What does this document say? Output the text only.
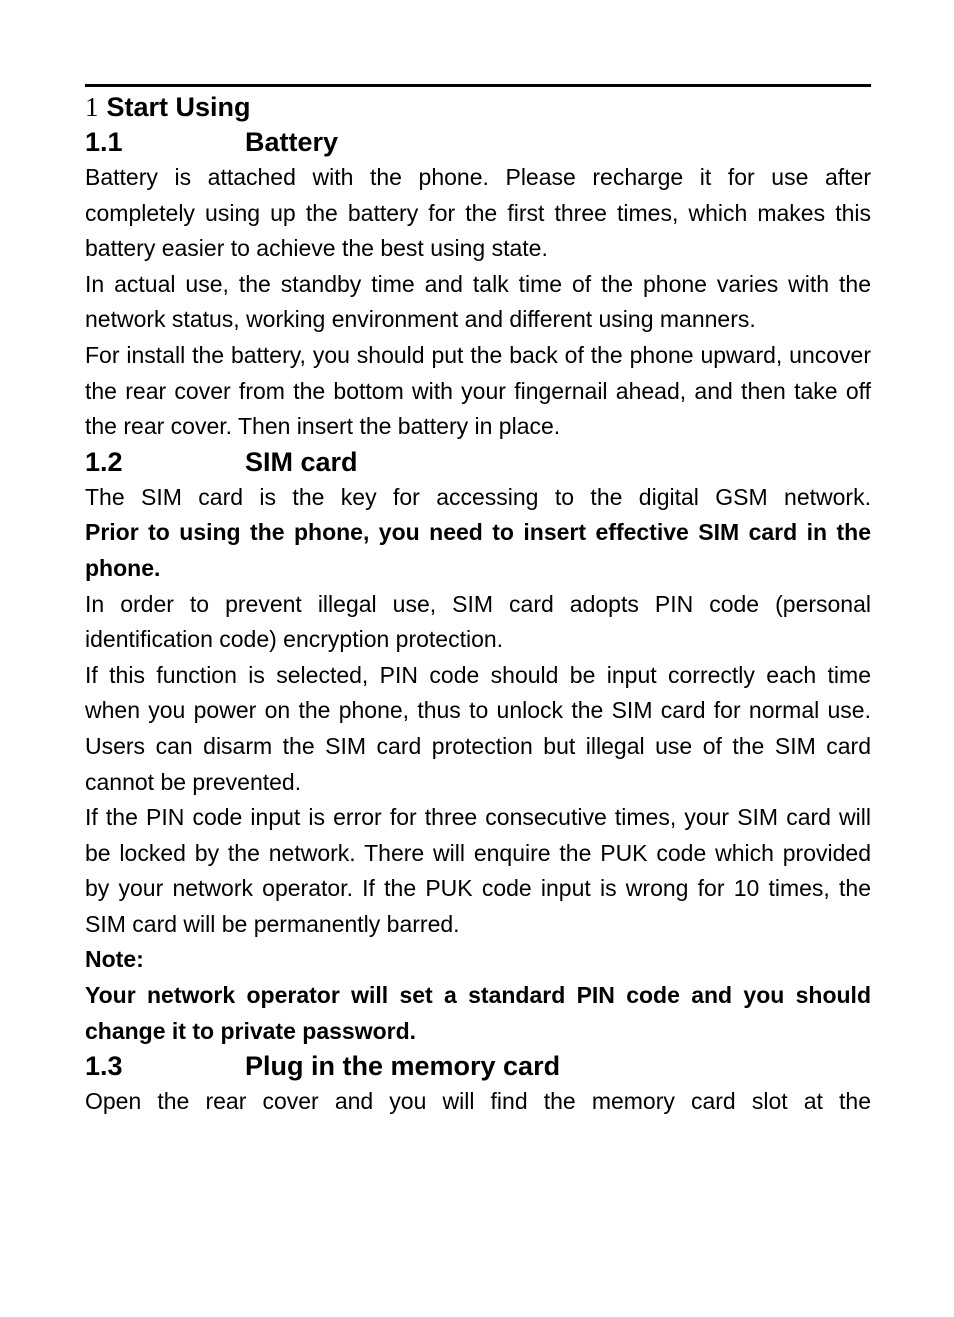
1 Start Using
1.1	Battery

Battery is attached with the phone. Please recharge it for use after completely using up the battery for the first three times, which makes this battery easier to achieve the best using state.

In actual use, the standby time and talk time of the phone varies with the network status, working environment and different using manners.

For install the battery, you should put the back of the phone upward, uncover the rear cover from the bottom with your fingernail ahead, and then take off the rear cover. Then insert the battery in place.

1.2	SIM card

The SIM card is the key for accessing to the digital GSM network.

Prior to using the phone, you need to insert effective SIM card in the phone.

In order to prevent illegal use, SIM card adopts PIN code (personal identification code) encryption protection.

If this function is selected, PIN code should be input correctly each time when you power on the phone, thus to unlock the SIM card for normal use. Users can disarm the SIM card protection but illegal use of the SIM card cannot be prevented.

If the PIN code input is error for three consecutive times, your SIM card will be locked by the network. There will enquire the PUK code which provided by your network operator. If the PUK code input is wrong for 10 times, the SIM card will be permanently barred.

Note:

Your network operator will set a standard PIN code and you should change it to private password.

1.3	Plug in the memory card

Open the rear cover and you will find the memory card slot at the
